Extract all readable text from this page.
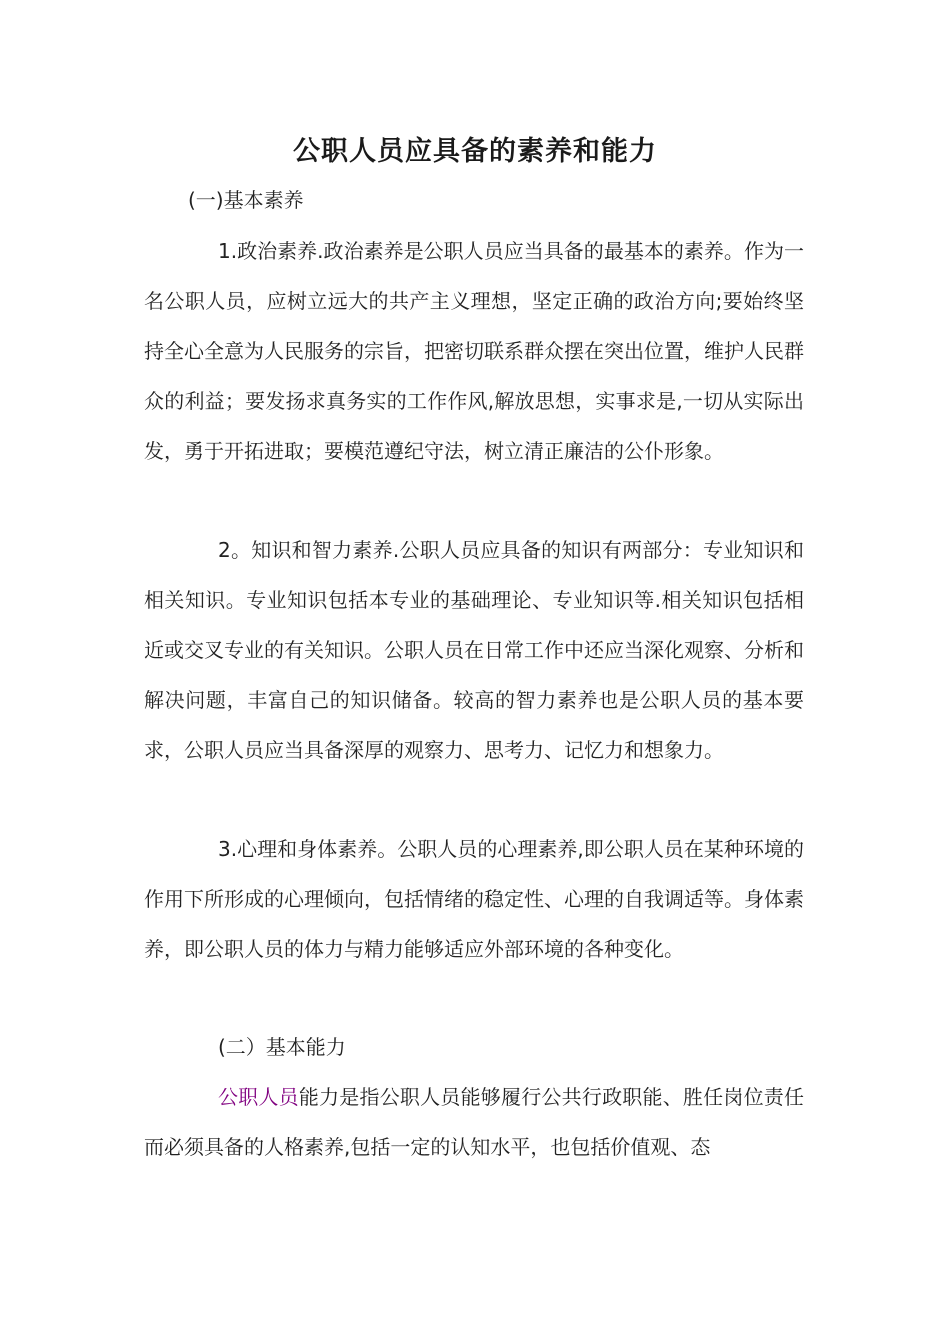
公职人员应具备的素养和能力
(一)基本素养

1.政治素养.政治素养是公职人员应当具备的最基本的素养。作为一名公职人员，应树立远大的共产主义理想，坚定正确的政治方向;要始终坚持全心全意为人民服务的宗旨，把密切联系群众摆在突出位置，维护人民群众的利益；要发扬求真务实的工作作风,解放思想，实事求是,一切从实际出发，勇于开拓进取；要模范遵纪守法，树立清正廉洁的公仆形象。

2。知识和智力素养.公职人员应具备的知识有两部分：专业知识和相关知识。专业知识包括本专业的基础理论、专业知识等.相关知识包括相近或交叉专业的有关知识。公职人员在日常工作中还应当深化观察、分析和解决问题，丰富自己的知识储备。较高的智力素养也是公职人员的基本要求，公职人员应当具备深厚的观察力、思考力、记忆力和想象力。

3.心理和身体素养。公职人员的心理素养,即公职人员在某种环境的作用下所形成的心理倾向，包括情绪的稳定性、心理的自我调适等。身体素养，即公职人员的体力与精力能够适应外部环境的各种变化。

(二）基本能力

公职人员能力是指公职人员能够履行公共行政职能、胜任岗位责任而必须具备的人格素养,包括一定的认知水平，也包括价值观、态
